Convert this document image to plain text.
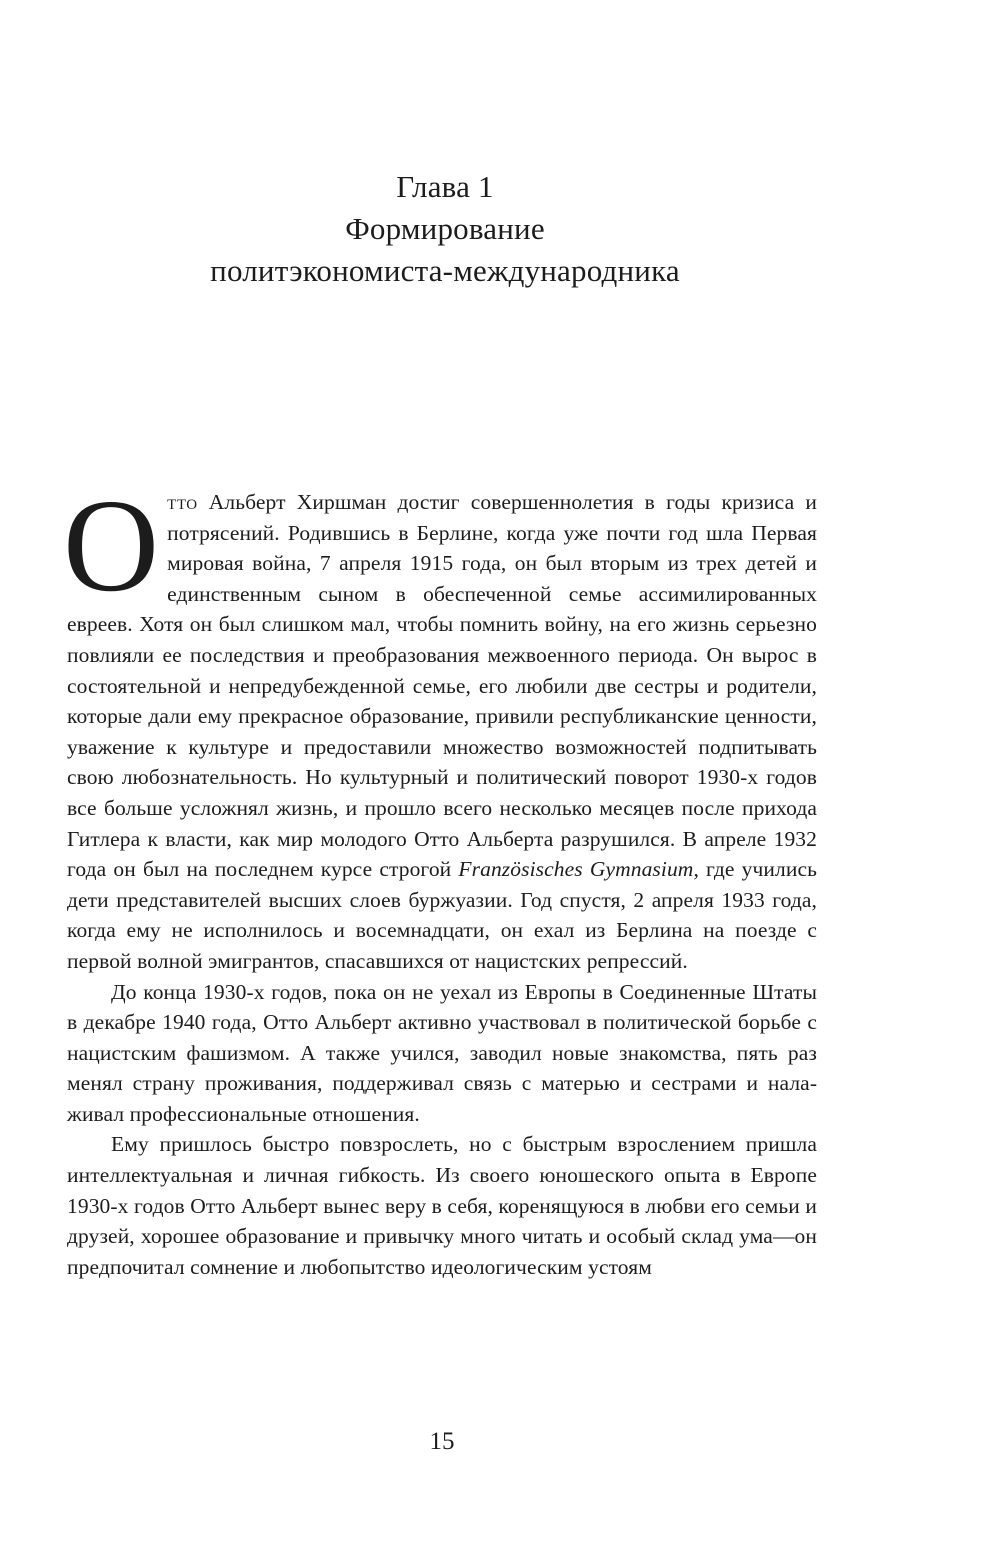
Глава 1
Формирование
политэкономиста-международника

Отто Альберт Хиршман достиг совершеннолетия в годы кризиса и потрясений. Родившись в Берлине, когда уже почти год шла Первая мировая война, 7 апреля 1915 года, он был вторым из трех детей и единственным сыном в обеспеченной семье ассимилированных евреев. Хотя он был слишком мал, чтобы помнить войну, на его жизнь серьезно повлияли ее последствия и преобразования межвоенного периода. Он вырос в состоятельной и непредубежденной семье, его любили две сестры и родители, которые дали ему прекрасное образование, привили республиканские ценности, уважение к культуре и предоставили множество возможностей подпитывать свою любознательность. Но культурный и политический поворот 1930-х годов все больше усложнял жизнь, и прошло всего несколько месяцев после прихода Гитлера к власти, как мир молодого Отто Альберта разрушился. В апреле 1932 года он был на последнем курсе строгой Französisches Gymnasium, где учились дети представителей высших слоев буржуазии. Год спустя, 2 апреля 1933 года, когда ему не исполнилось и восемнадцати, он ехал из Берлина на поезде с первой волной эмигрантов, спасавшихся от нацистских репрессий.

До конца 1930-х годов, пока он не уехал из Европы в Соединенные Штаты в декабре 1940 года, Отто Альберт активно участвовал в политической борьбе с нацистским фашизмом. А также учился, заводил новые знакомства, пять раз менял страну проживания, поддерживал связь с матерью и сестрами и налаживал профессиональные отношения.

Ему пришлось быстро повзрослеть, но с быстрым взрослением пришла интеллектуальная и личная гибкость. Из своего юношеского опыта в Европе 1930-х годов Отто Альберт вынес веру в себя, коренящуюся в любви его семьи и друзей, хорошее образование и привычку много читать и особый склад ума—он предпочитал сомнение и любопытство идеологическим устоям

15
